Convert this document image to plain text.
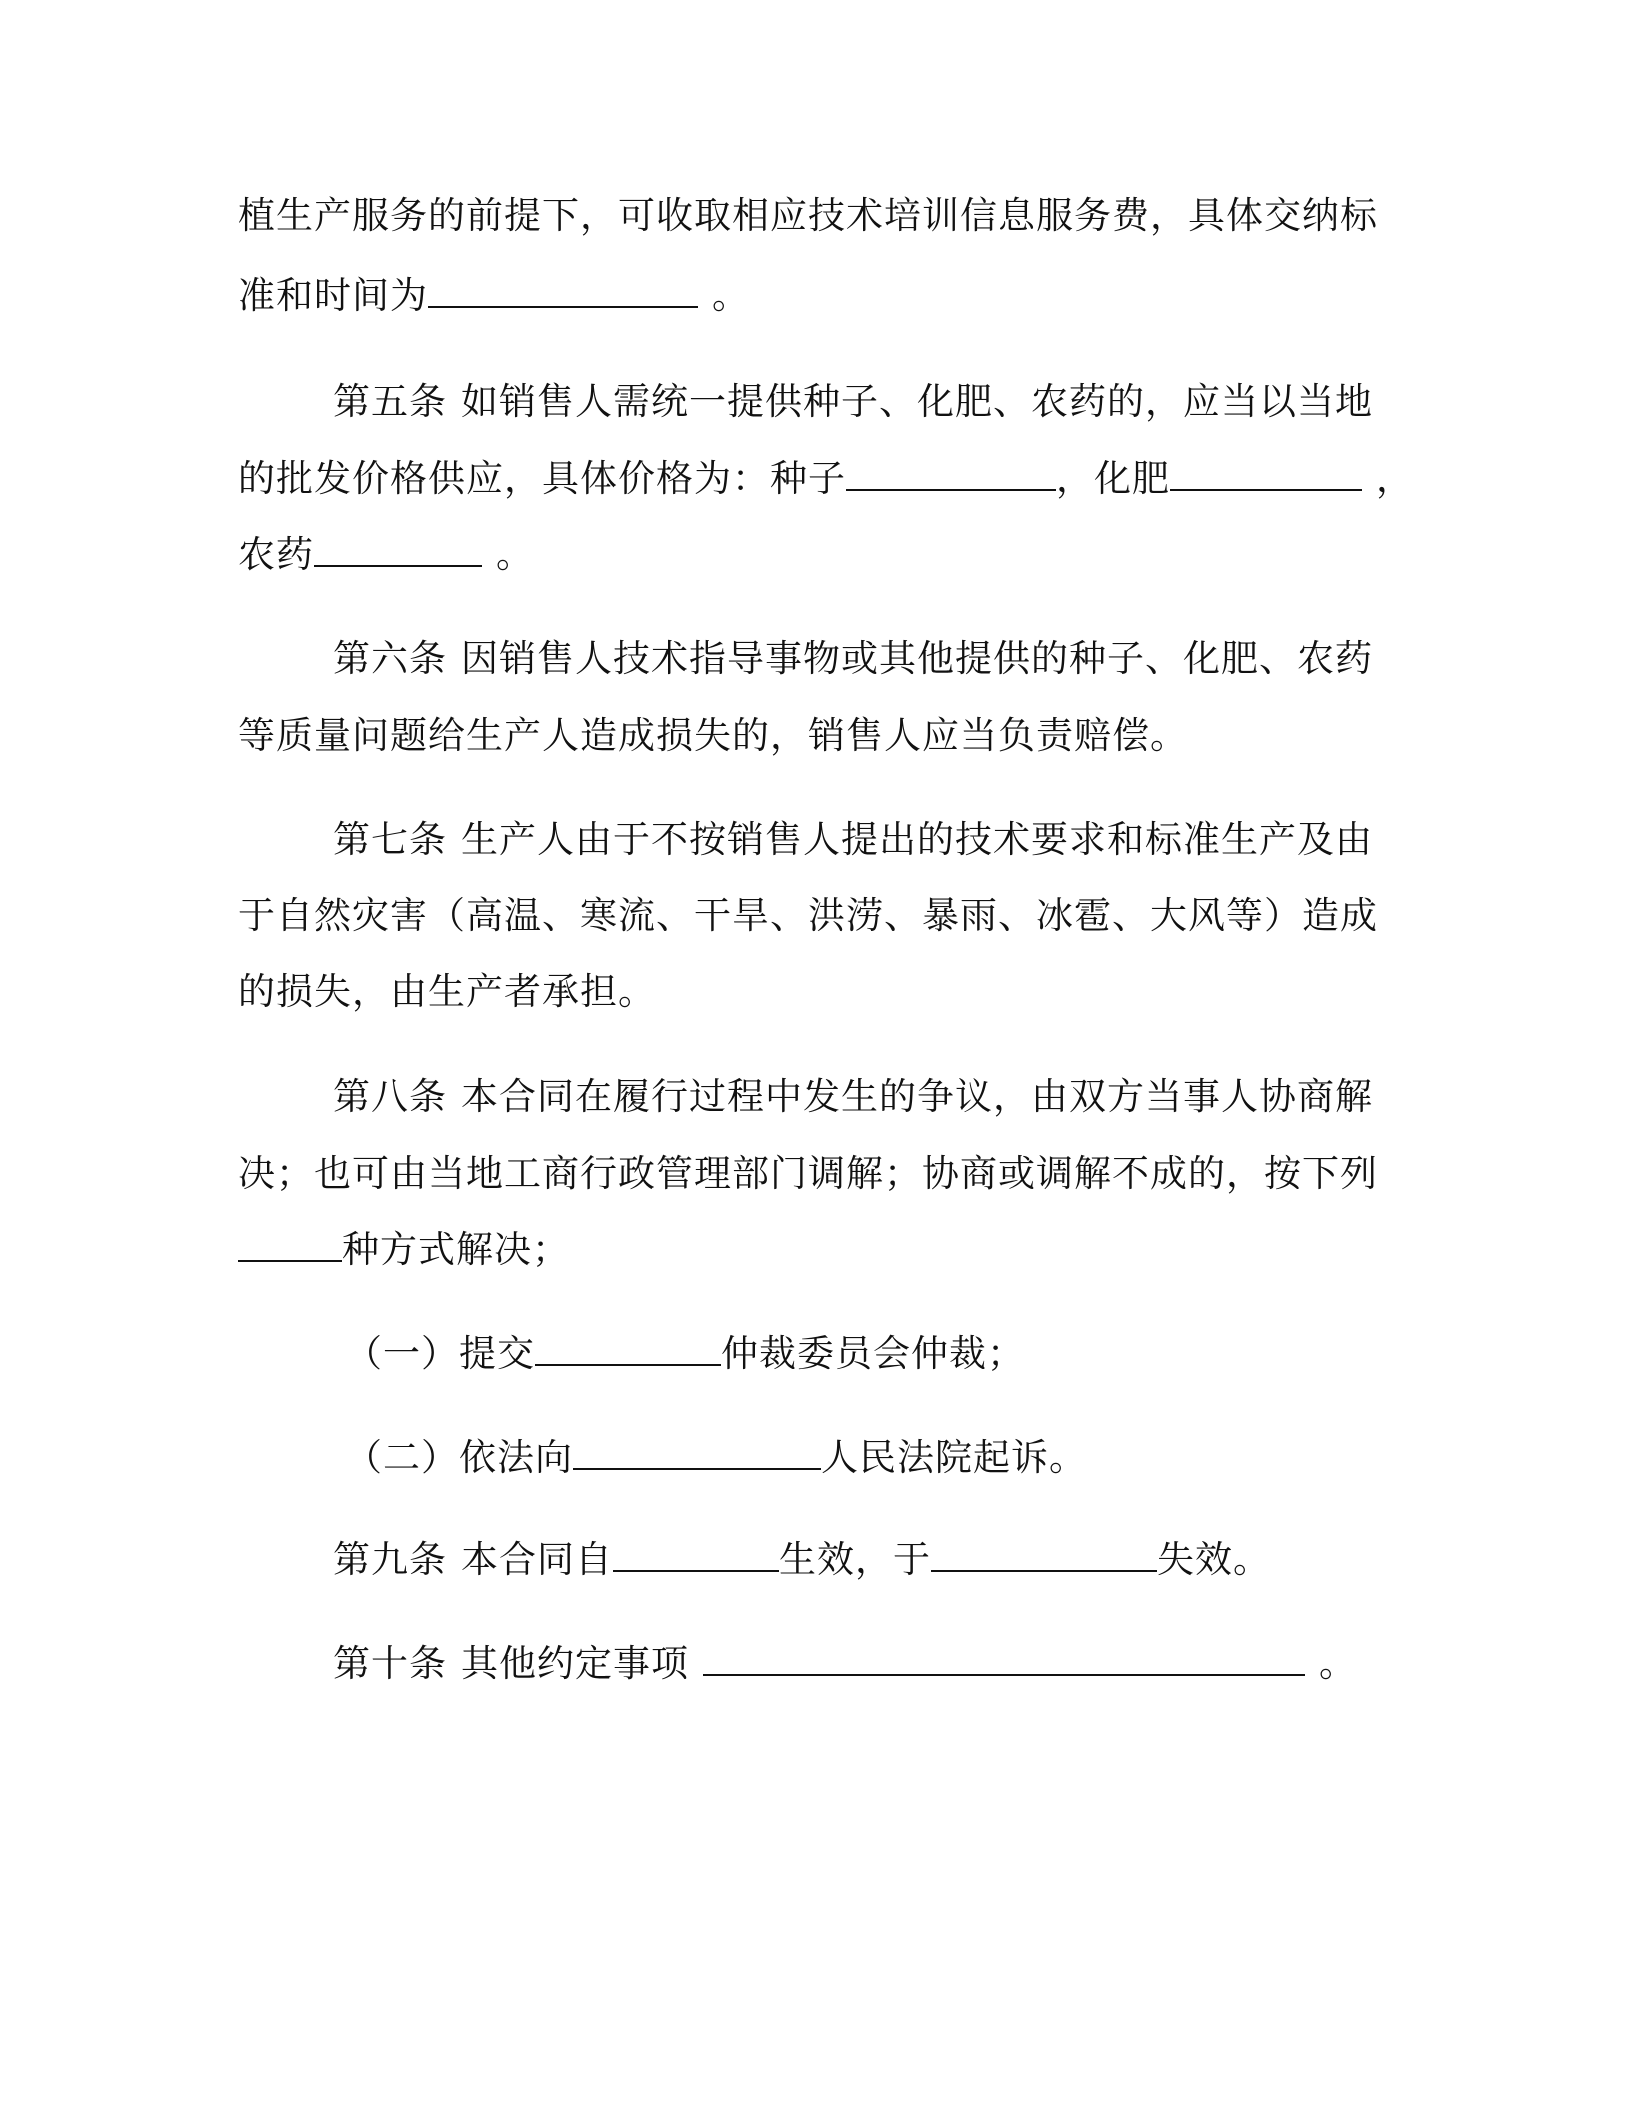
植生产服务的前提下，可收取相应技术培训信息服务费，具体交纳标
准和时间为	。
第五条 如销售人需统一提供种子、化肥、农药的，应当以当地
的批发价格供应，具体价格为：种子	，化肥	，
农药	。
第六条 因销售人技术指导事物或其他提供的种子、化肥、农药
等质量问题给生产人造成损失的，销售人应当负责赔偿。
第七条 生产人由于不按销售人提出的技术要求和标准生产及由
于自然灾害（高温、寒流、干旱、洪涝、暴雨、冰雹、大风等）造成
的损失，由生产者承担。
第八条 本合同在履行过程中发生的争议，由双方当事人协商解
决；也可由当地工商行政管理部门调解；协商或调解不成的，按下列
种方式解决；
（一）提交	仲裁委员会仲裁；
（二）依法向	人民法院起诉。
第九条 本合同自	生效，于	失效。
第十条 其他约定事项	。
